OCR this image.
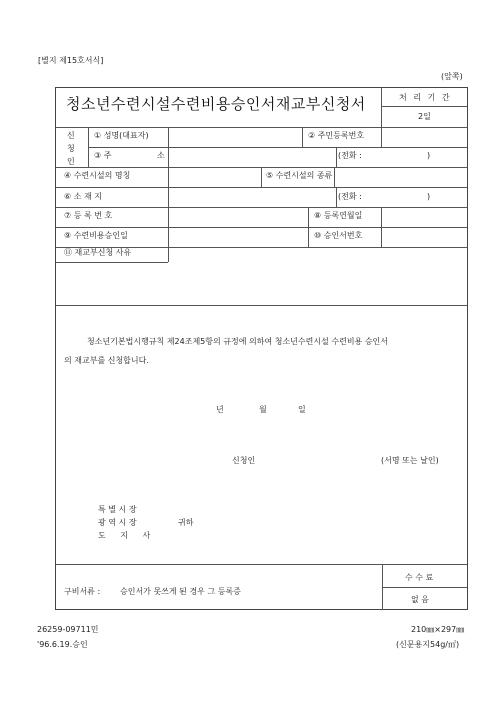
[별지 제15호서식]
(앞쪽)
청소년수련시설수련비용승인서재교부신청서	처 리 기 간
2일
신
청
인
① 성명(대표자)	② 주민등록번호
③ 주	소	(전화 :	)
④ 수련시설의 명칭	⑤ 수련시설의 종류
⑥ 소 재 지	(전화 :	)
⑦ 등 록 번 호	⑧ 등록연월일
⑨ 수련비용승인일	⑩ 승인서번호
⑪ 재교부신청 사유
청소년기본법시행규칙 제24조제5항의 규정에 의하여 청소년수련시설 수련비용 승인서
의 재교부를 신청합니다.
년	월	일
신청인	(서명 또는 날인)
특 별 시 장
광 역 시 장
도 지 사
귀하
구비서류 : 승인서가 못쓰게 된 경우 그 등록증
수 수 료
없 음
26259-09711민
'96.6.19.승인
210㎜×297㎜
(신문용지54g/㎡)
